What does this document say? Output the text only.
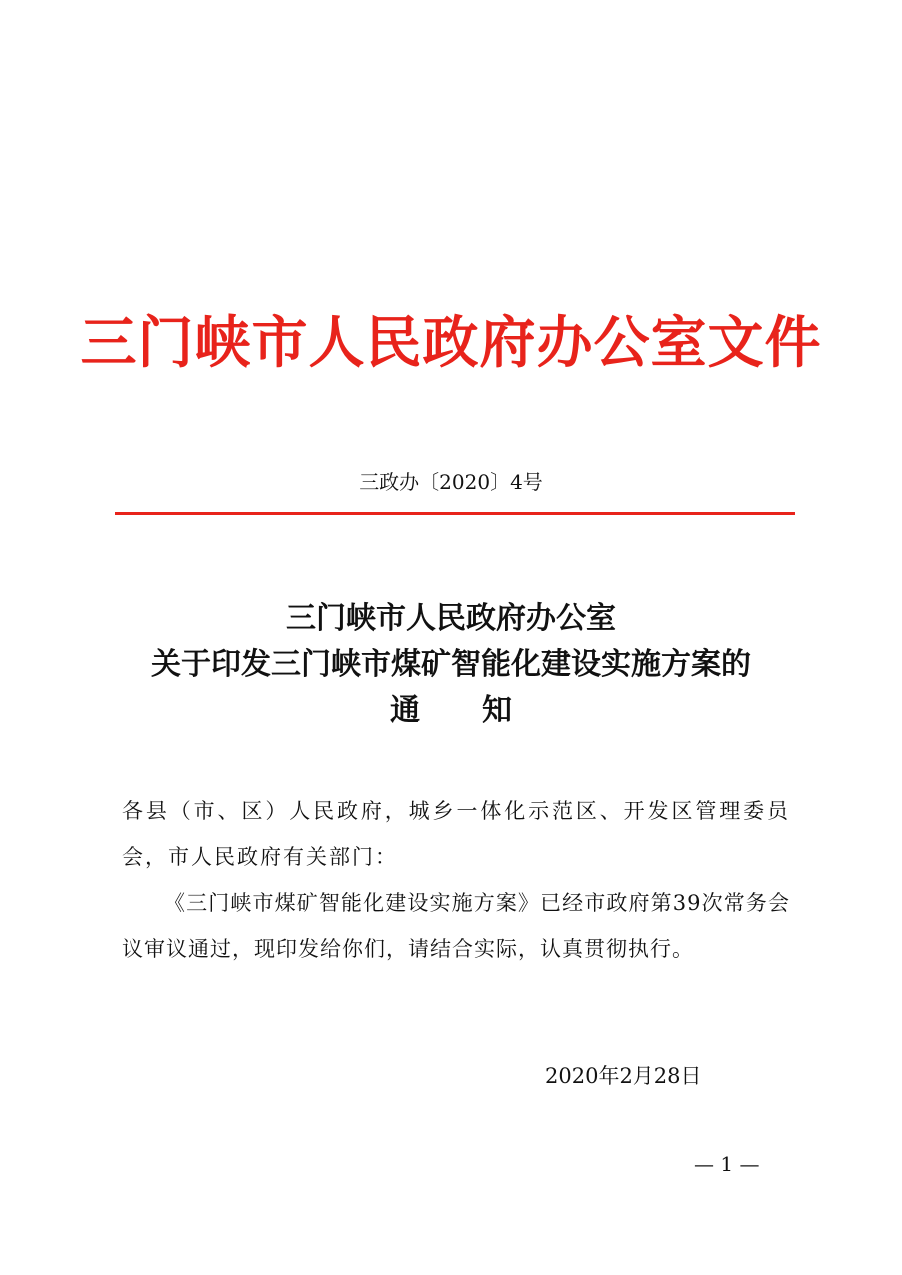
三门峡市人民政府办公室文件
三政办〔2020〕4号
三门峡市人民政府办公室
关于印发三门峡市煤矿智能化建设实施方案的
通知

各县（市、区）人民政府，城乡一体化示范区、开发区管理委员会，市人民政府有关部门：

《三门峡市煤矿智能化建设实施方案》已经市政府第39次常务会议审议通过，现印发给你们，请结合实际，认真贯彻执行。

2020年2月28日
— 1 —
